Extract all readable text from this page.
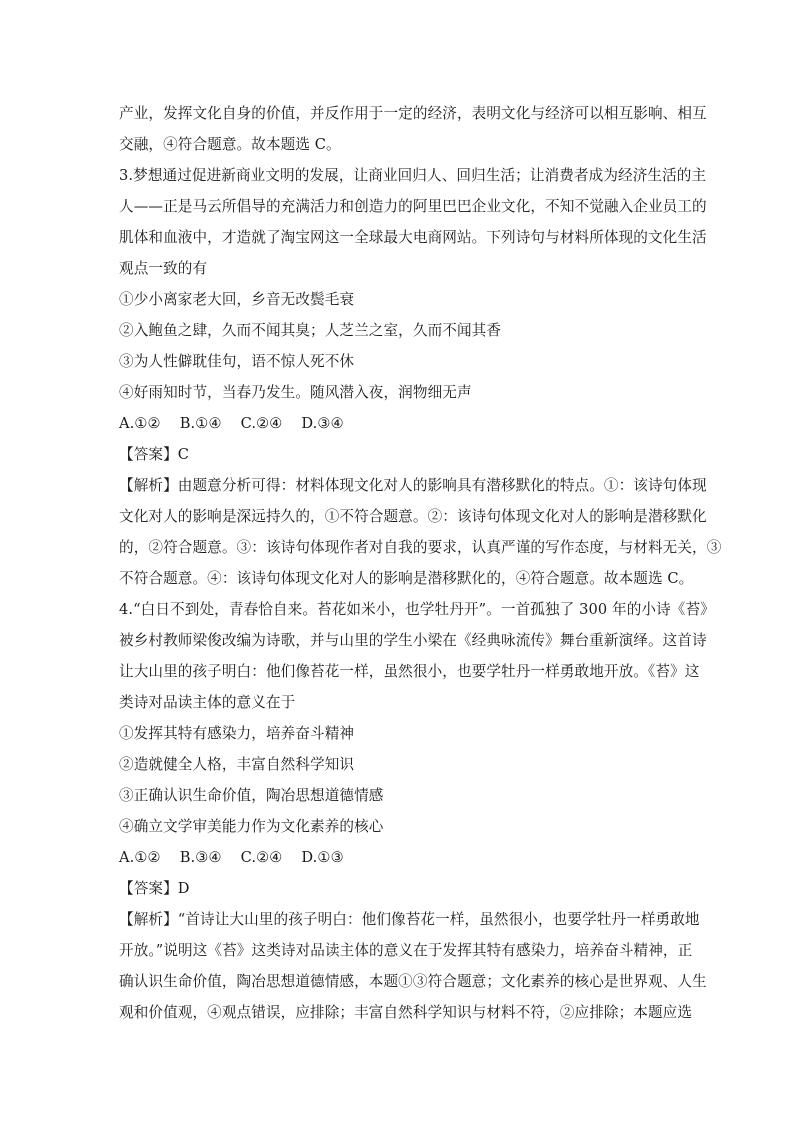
产业，发挥文化自身的价值，并反作用于一定的经济，表明文化与经济可以相互影响、相互
交融，④符合题意。故本题选 C。
3.梦想通过促进新商业文明的发展，让商业回归人、回归生活；让消费者成为经济生活的主
人——正是马云所倡导的充满活力和创造力的阿里巴巴企业文化，不知不觉融入企业员工的
肌体和血液中，才造就了淘宝网这一全球最大电商网站。下列诗句与材料所体现的文化生活
观点一致的有
①少小离家老大回，乡音无改鬓毛衰
②入鲍鱼之肆，久而不闻其臭；人芝兰之室，久而不闻其香
③为人性僻耽佳句，语不惊人死不休
④好雨知时节，当春乃发生。随风潜入夜，润物细无声
A.①②    B.①④    C.②④    D.③④
【答案】C
【解析】由题意分析可得：材料体现文化对人的影响具有潜移默化的特点。①：该诗句体现
文化对人的影响是深远持久的，①不符合题意。②：该诗句体现文化对人的影响是潜移默化
的，②符合题意。③：该诗句体现作者对自我的要求，认真严谨的写作态度，与材料无关，③
不符合题意。④：该诗句体现文化对人的影响是潜移默化的，④符合题意。故本题选 C。
4.“白日不到处，青春恰自来。苔花如米小，也学牡丹开”。一首孤独了 300 年的小诗《苔》
被乡村教师梁俊改编为诗歌，并与山里的学生小梁在《经典咏流传》舞台重新演绎。这首诗
让大山里的孩子明白：他们像苔花一样，虽然很小，也要学牡丹一样勇敢地开放。《苔》这
类诗对品读主体的意义在于
①发挥其特有感染力，培养奋斗精神
②造就健全人格，丰富自然科学知识
③正确认识生命价值，陶冶思想道德情感
④确立文学审美能力作为文化素养的核心
A.①②    B.③④    C.②④    D.①③
【答案】D
【解析】“首诗让大山里的孩子明白：他们像苔花一样，虽然很小，也要学牡丹一样勇敢地
开放。”说明这《苔》这类诗对品读主体的意义在于发挥其特有感染力，培养奋斗精神，正
确认识生命价值，陶冶思想道德情感，本题①③符合题意；文化素养的核心是世界观、人生
观和价值观，④观点错误，应排除；丰富自然科学知识与材料不符，②应排除；本题应选
